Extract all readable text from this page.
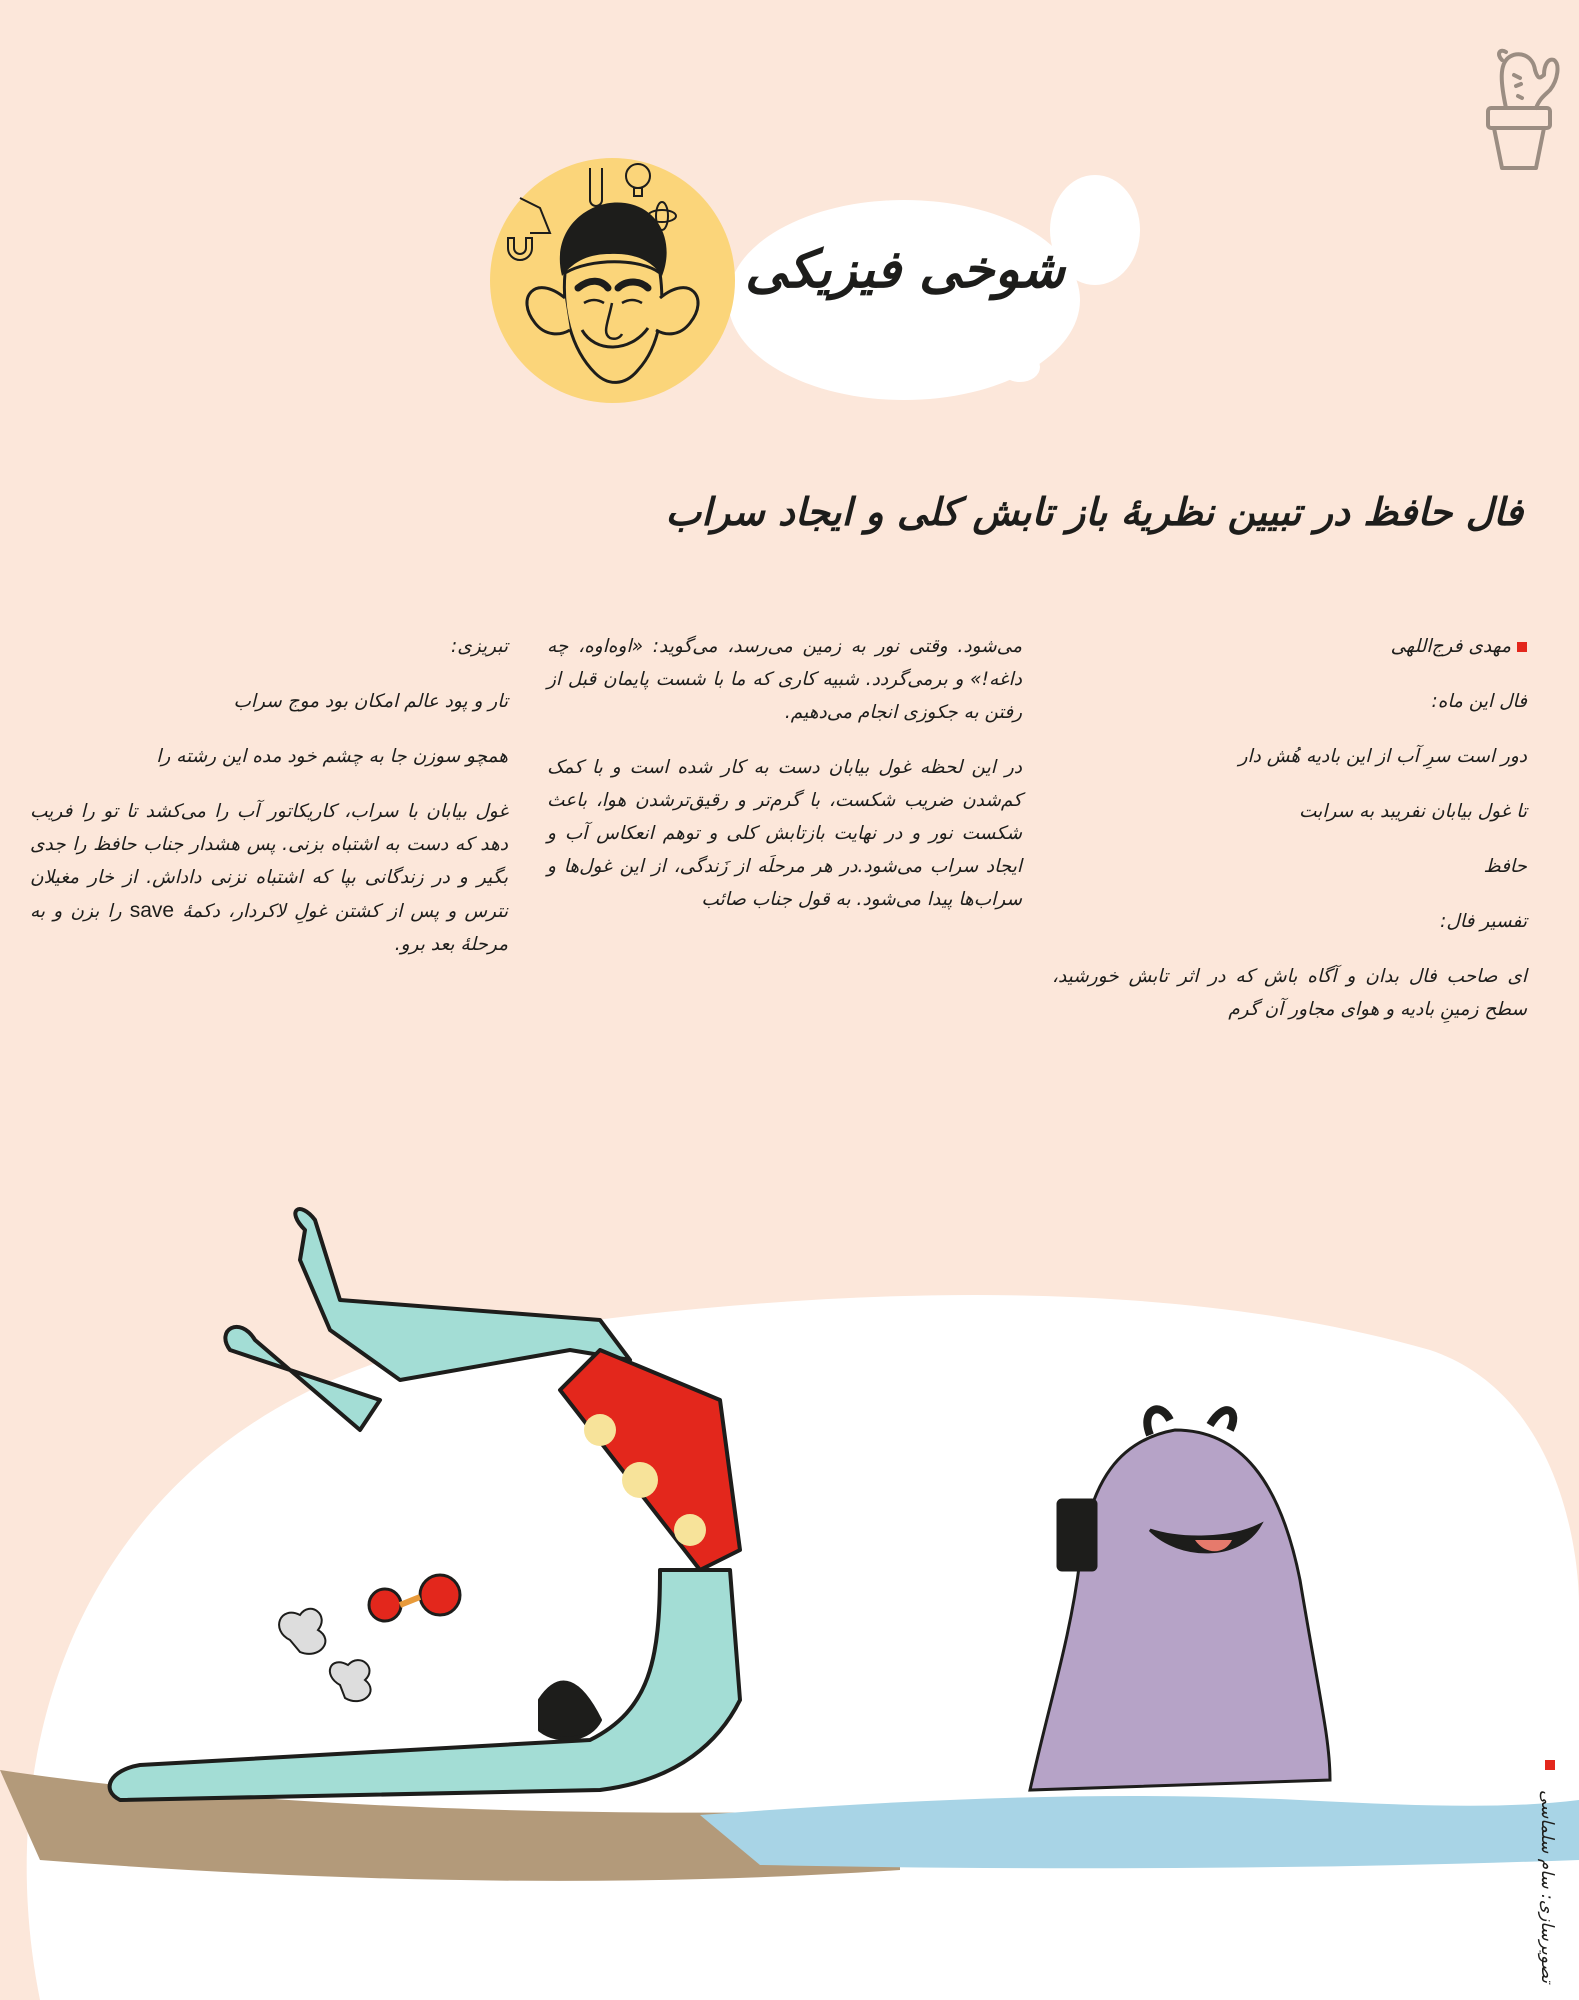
شوخی فیزیکی
فال حافظ در تبیین نظریهٔ باز تابش کلی و ایجاد سراب

مهدی فرج‌اللهی

فال این ماه:

دور است سرِ آب از این بادیه هُش دار

تا غول بیابان نفریبد به سرابت

حافظ

تفسیر فال:

ای صاحب فال بدان و آگاه باش که در اثر تابش خورشید، سطح زمینِ بادیه و هوای مجاور آن گرم

می‌شود. وقتی نور به زمین می‌رسد، می‌گوید: «اوه‌اوه، چه داغه!» و برمی‌گردد. شبیه کاری که ما با شست پایمان قبل از رفتن به جکوزی انجام می‌دهیم.

در این لحظه غول بیابان دست به کار شده است و با کمک کم‌شدن ضریب شکست، با گرم‌تر و رقیق‌ترشدن هوا، باعث شکست نور و در نهایت بازتابش کلی و توهم انعکاس آب و ایجاد سراب می‌شود.در هر مرحلَه از زَندگی، از این غول‌ها و سراب‌ها پیدا می‌شود. به قول جناب صائب

تبریزی:

تار و پود عالم امکان بود موج سراب

همچو سوزن جا به چشم خود مده این رشته را

غول بیابان با سراب، کاریکاتور آب را می‌کشد تا تو را فریب دهد که دست به اشتباه بزنی. پس هشدار جناب حافظ را جدی بگیر و در زندگانی بپا که اشتباه نزنی داداش. از خار مغیلان نترس و پس از کشتن غولِ لاکردار، دکمهٔ save را بزن و به مرحلهٔ بعد برو.

تصویرسازی: سام سلماسی
